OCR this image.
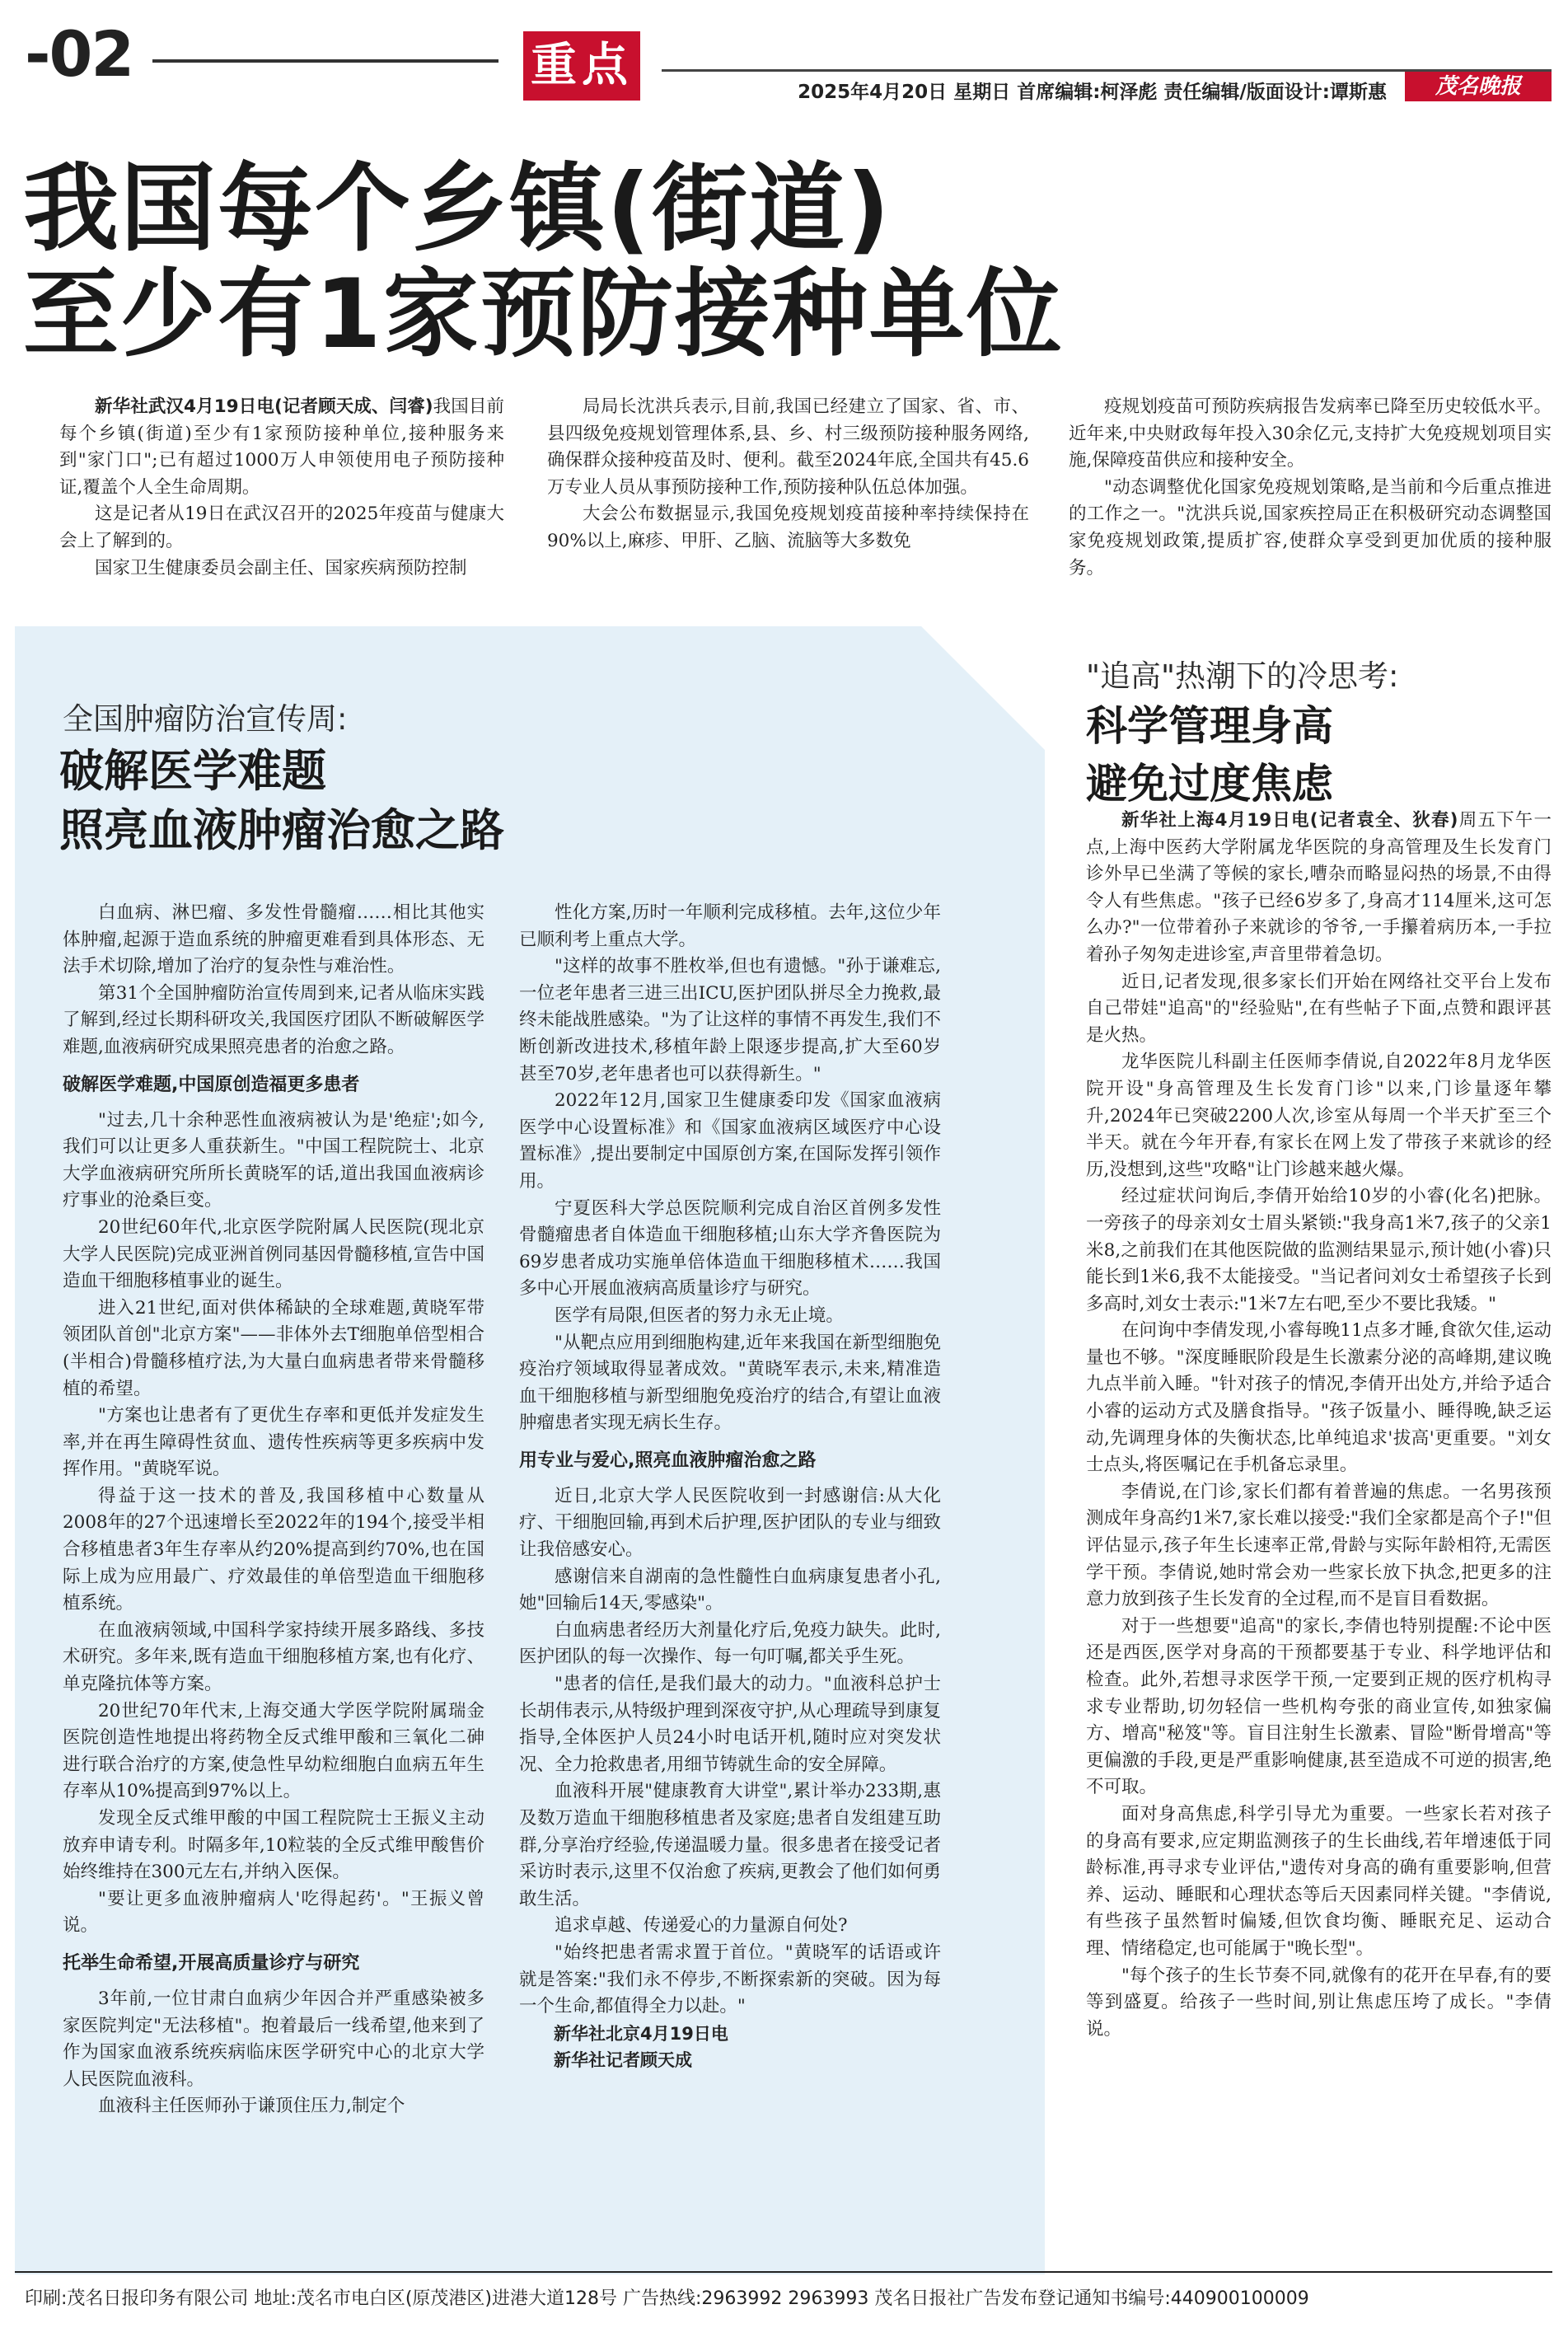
-02	重点	2025年4月20日 星期日 首席编辑:柯泽彪 责任编辑/版面设计:谭斯惠	茂名晚报
我国每个乡镇(街道)
至少有1家预防接种单位

新华社武汉4月19日电(记者顾天成、闫睿)我国目前每个乡镇(街道)至少有1家预防接种单位,接种服务来到"家门口";已有超过1000万人申领使用电子预防接种证,覆盖个人全生命周期。

这是记者从19日在武汉召开的2025年疫苗与健康大会上了解到的。

国家卫生健康委员会副主任、国家疾病预防控制

局局长沈洪兵表示,目前,我国已经建立了国家、省、市、县四级免疫规划管理体系,县、乡、村三级预防接种服务网络,确保群众接种疫苗及时、便利。截至2024年底,全国共有45.6万专业人员从事预防接种工作,预防接种队伍总体加强。

大会公布数据显示,我国免疫规划疫苗接种率持续保持在90%以上,麻疹、甲肝、乙脑、流脑等大多数免

疫规划疫苗可预防疾病报告发病率已降至历史较低水平。近年来,中央财政每年投入30余亿元,支持扩大免疫规划项目实施,保障疫苗供应和接种安全。

"动态调整优化国家免疫规划策略,是当前和今后重点推进的工作之一。"沈洪兵说,国家疾控局正在积极研究动态调整国家免疫规划政策,提质扩容,使群众享受到更加优质的接种服务。

全国肿瘤防治宣传周:
破解医学难题
照亮血液肿瘤治愈之路

白血病、淋巴瘤、多发性骨髓瘤……相比其他实体肿瘤,起源于造血系统的肿瘤更难看到具体形态、无法手术切除,增加了治疗的复杂性与难治性。

第31个全国肿瘤防治宣传周到来,记者从临床实践了解到,经过长期科研攻关,我国医疗团队不断破解医学难题,血液病研究成果照亮患者的治愈之路。

破解医学难题,中国原创造福更多患者

"过去,几十余种恶性血液病被认为是'绝症';如今,我们可以让更多人重获新生。"中国工程院院士、北京大学血液病研究所所长黄晓军的话,道出我国血液病诊疗事业的沧桑巨变。

20世纪60年代,北京医学院附属人民医院(现北京大学人民医院)完成亚洲首例同基因骨髓移植,宣告中国造血干细胞移植事业的诞生。

进入21世纪,面对供体稀缺的全球难题,黄晓军带领团队首创"北京方案"——非体外去T细胞单倍型相合(半相合)骨髓移植疗法,为大量白血病患者带来骨髓移植的希望。

"方案也让患者有了更优生存率和更低并发症发生率,并在再生障碍性贫血、遗传性疾病等更多疾病中发挥作用。"黄晓军说。

得益于这一技术的普及,我国移植中心数量从2008年的27个迅速增长至2022年的194个,接受半相合移植患者3年生存率从约20%提高到约70%,也在国际上成为应用最广、疗效最佳的单倍型造血干细胞移植系统。

在血液病领域,中国科学家持续开展多路线、多技术研究。多年来,既有造血干细胞移植方案,也有化疗、单克隆抗体等方案。

20世纪70年代末,上海交通大学医学院附属瑞金医院创造性地提出将药物全反式维甲酸和三氧化二砷进行联合治疗的方案,使急性早幼粒细胞白血病五年生存率从10%提高到97%以上。

发现全反式维甲酸的中国工程院院士王振义主动放弃申请专利。时隔多年,10粒装的全反式维甲酸售价始终维持在300元左右,并纳入医保。

"要让更多血液肿瘤病人'吃得起药'。"王振义曾说。

托举生命希望,开展高质量诊疗与研究

3年前,一位甘肃白血病少年因合并严重感染被多家医院判定"无法移植"。抱着最后一线希望,他来到了作为国家血液系统疾病临床医学研究中心的北京大学人民医院血液科。

血液科主任医师孙于谦顶住压力,制定个

性化方案,历时一年顺利完成移植。去年,这位少年已顺利考上重点大学。

"这样的故事不胜枚举,但也有遗憾。"孙于谦难忘,一位老年患者三进三出ICU,医护团队拼尽全力挽救,最终未能战胜感染。"为了让这样的事情不再发生,我们不断创新改进技术,移植年龄上限逐步提高,扩大至60岁甚至70岁,老年患者也可以获得新生。"

2022年12月,国家卫生健康委印发《国家血液病医学中心设置标准》和《国家血液病区域医疗中心设置标准》,提出要制定中国原创方案,在国际发挥引领作用。

宁夏医科大学总医院顺利完成自治区首例多发性骨髓瘤患者自体造血干细胞移植;山东大学齐鲁医院为69岁患者成功实施单倍体造血干细胞移植术……我国多中心开展血液病高质量诊疗与研究。

医学有局限,但医者的努力永无止境。

"从靶点应用到细胞构建,近年来我国在新型细胞免疫治疗领域取得显著成效。"黄晓军表示,未来,精准造血干细胞移植与新型细胞免疫治疗的结合,有望让血液肿瘤患者实现无病长生存。

用专业与爱心,照亮血液肿瘤治愈之路

近日,北京大学人民医院收到一封感谢信:从大化疗、干细胞回输,再到术后护理,医护团队的专业与细致让我倍感安心。

感谢信来自湖南的急性髓性白血病康复患者小孔,她"回输后14天,零感染"。

白血病患者经历大剂量化疗后,免疫力缺失。此时,医护团队的每一次操作、每一句叮嘱,都关乎生死。

"患者的信任,是我们最大的动力。"血液科总护士长胡伟表示,从特级护理到深夜守护,从心理疏导到康复指导,全体医护人员24小时电话开机,随时应对突发状况、全力抢救患者,用细节铸就生命的安全屏障。

血液科开展"健康教育大讲堂",累计举办233期,惠及数万造血干细胞移植患者及家庭;患者自发组建互助群,分享治疗经验,传递温暖力量。很多患者在接受记者采访时表示,这里不仅治愈了疾病,更教会了他们如何勇敢生活。

追求卓越、传递爱心的力量源自何处?

"始终把患者需求置于首位。"黄晓军的话语或许就是答案:"我们永不停步,不断探索新的突破。因为每一个生命,都值得全力以赴。"

新华社北京4月19日电

新华社记者顾天成

"追高"热潮下的冷思考:
科学管理身高
避免过度焦虑

新华社上海4月19日电(记者袁全、狄春)周五下午一点,上海中医药大学附属龙华医院的身高管理及生长发育门诊外早已坐满了等候的家长,嘈杂而略显闷热的场景,不由得令人有些焦虑。"孩子已经6岁多了,身高才114厘米,这可怎么办?"一位带着孙子来就诊的爷爷,一手攥着病历本,一手拉着孙子匆匆走进诊室,声音里带着急切。

近日,记者发现,很多家长们开始在网络社交平台上发布自己带娃"追高"的"经验贴",在有些帖子下面,点赞和跟评甚是火热。

龙华医院儿科副主任医师李倩说,自2022年8月龙华医院开设"身高管理及生长发育门诊"以来,门诊量逐年攀升,2024年已突破2200人次,诊室从每周一个半天扩至三个半天。就在今年开春,有家长在网上发了带孩子来就诊的经历,没想到,这些"攻略"让门诊越来越火爆。

经过症状问询后,李倩开始给10岁的小睿(化名)把脉。一旁孩子的母亲刘女士眉头紧锁:"我身高1米7,孩子的父亲1米8,之前我们在其他医院做的监测结果显示,预计她(小睿)只能长到1米6,我不太能接受。"当记者问刘女士希望孩子长到多高时,刘女士表示:"1米7左右吧,至少不要比我矮。"

在问询中李倩发现,小睿每晚11点多才睡,食欲欠佳,运动量也不够。"深度睡眠阶段是生长激素分泌的高峰期,建议晚九点半前入睡。"针对孩子的情况,李倩开出处方,并给予适合小睿的运动方式及膳食指导。"孩子饭量小、睡得晚,缺乏运动,先调理身体的失衡状态,比单纯追求'拔高'更重要。"刘女士点头,将医嘱记在手机备忘录里。

李倩说,在门诊,家长们都有着普遍的焦虑。一名男孩预测成年身高约1米7,家长难以接受:"我们全家都是高个子!"但评估显示,孩子年生长速率正常,骨龄与实际年龄相符,无需医学干预。李倩说,她时常会劝一些家长放下执念,把更多的注意力放到孩子生长发育的全过程,而不是盲目看数据。

对于一些想要"追高"的家长,李倩也特别提醒:不论中医还是西医,医学对身高的干预都要基于专业、科学地评估和检查。此外,若想寻求医学干预,一定要到正规的医疗机构寻求专业帮助,切勿轻信一些机构夸张的商业宣传,如独家偏方、增高"秘笈"等。盲目注射生长激素、冒险"断骨增高"等更偏激的手段,更是严重影响健康,甚至造成不可逆的损害,绝不可取。

面对身高焦虑,科学引导尤为重要。一些家长若对孩子的身高有要求,应定期监测孩子的生长曲线,若年增速低于同龄标准,再寻求专业评估,"遗传对身高的确有重要影响,但营养、运动、睡眠和心理状态等后天因素同样关键。"李倩说,有些孩子虽然暂时偏矮,但饮食均衡、睡眠充足、运动合理、情绪稳定,也可能属于"晚长型"。

"每个孩子的生长节奏不同,就像有的花开在早春,有的要等到盛夏。给孩子一些时间,别让焦虑压垮了成长。"李倩说。

印刷:茂名日报印务有限公司 地址:茂名市电白区(原茂港区)进港大道128号 广告热线:2963992 2963993 茂名日报社广告发布登记通知书编号:440900100009
